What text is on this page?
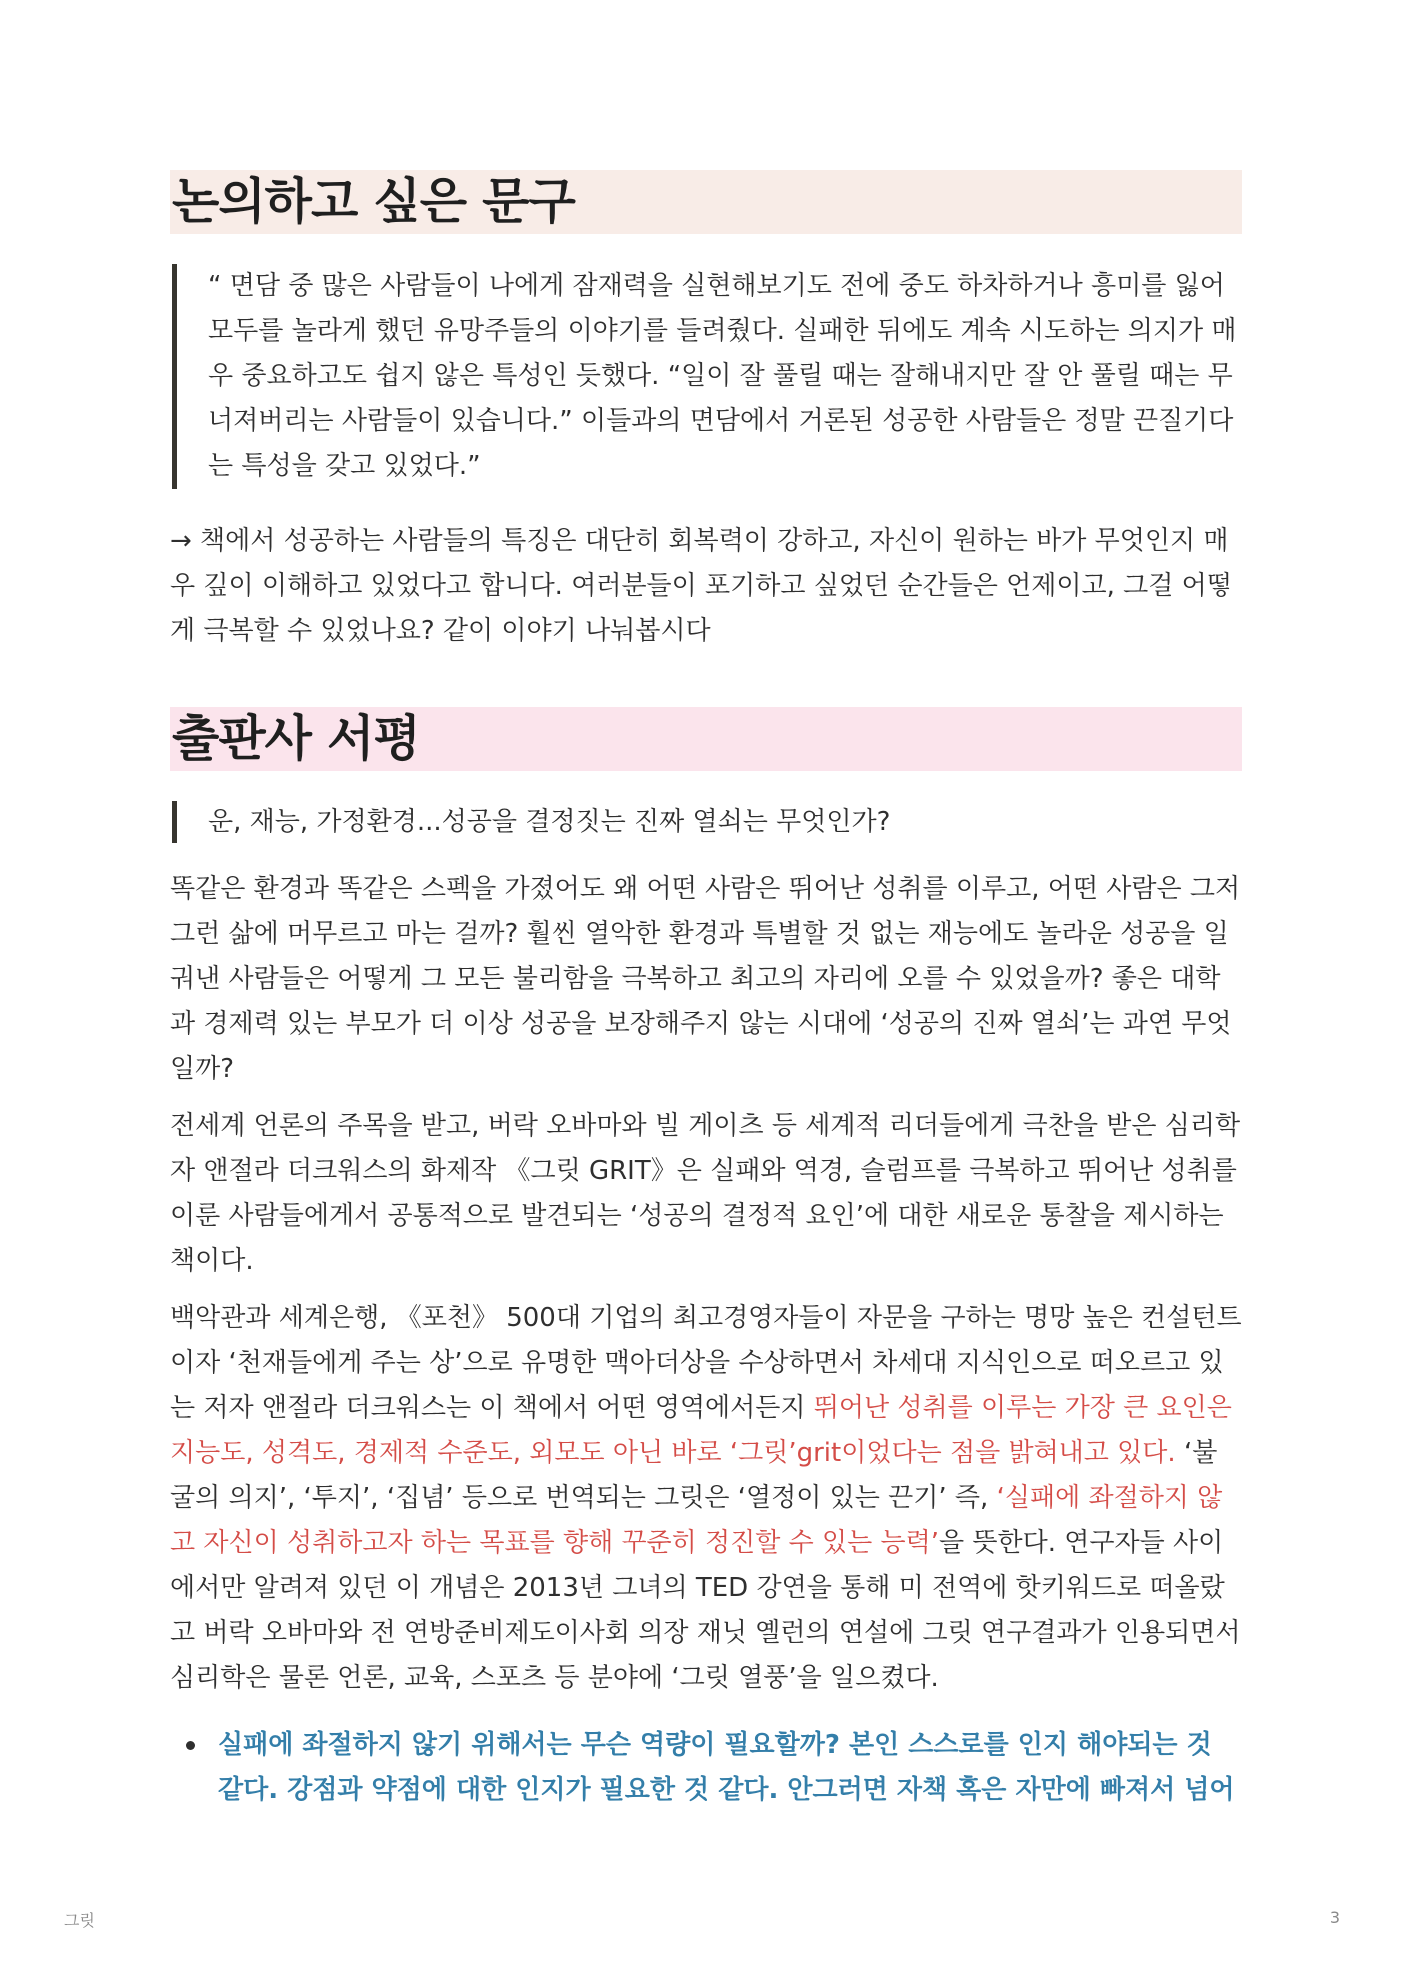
논의하고 싶은 문구
“ 면담 중 많은 사람들이 나에게 잠재력을 실현해보기도 전에 중도 하차하거나 흥미를 잃어 모두를 놀라게 했던 유망주들의 이야기를 들려줬다. 실패한 뒤에도 계속 시도하는 의지가 매우 중요하고도 쉽지 않은 특성인 듯했다. “일이 잘 풀릴 때는 잘해내지만 잘 안 풀릴 때는 무너져버리는 사람들이 있습니다.” 이들과의 면담에서 거론된 성공한 사람들은 정말 끈질기다는 특성을 갖고 있었다.”

→ 책에서 성공하는 사람들의 특징은 대단히 회복력이 강하고, 자신이 원하는 바가 무엇인지 매우 깊이 이해하고 있었다고 합니다. 여러분들이 포기하고 싶었던 순간들은 언제이고, 그걸 어떻게 극복할 수 있었나요? 같이 이야기 나눠봅시다

출판사 서평
운, 재능, 가정환경...성공을 결정짓는 진짜 열쇠는 무엇인가?

똑같은 환경과 똑같은 스펙을 가졌어도 왜 어떤 사람은 뛰어난 성취를 이루고, 어떤 사람은 그저 그런 삶에 머무르고 마는 걸까? 훨씬 열악한 환경과 특별할 것 없는 재능에도 놀라운 성공을 일궈낸 사람들은 어떻게 그 모든 불리함을 극복하고 최고의 자리에 오를 수 있었을까? 좋은 대학과 경제력 있는 부모가 더 이상 성공을 보장해주지 않는 시대에 ‘성공의 진짜 열쇠’는 과연 무엇일까?

전세계 언론의 주목을 받고, 버락 오바마와 빌 게이츠 등 세계적 리더들에게 극찬을 받은 심리학자 앤절라 더크워스의 화제작 《그릿 GRIT》은 실패와 역경, 슬럼프를 극복하고 뛰어난 성취를 이룬 사람들에게서 공통적으로 발견되는 ‘성공의 결정적 요인’에 대한 새로운 통찰을 제시하는 책이다.

백악관과 세계은행, 《포천》 500대 기업의 최고경영자들이 자문을 구하는 명망 높은 컨설턴트이자 ‘천재들에게 주는 상’으로 유명한 맥아더상을 수상하면서 차세대 지식인으로 떠오르고 있는 저자 앤절라 더크워스는 이 책에서 어떤 영역에서든지 뛰어난 성취를 이루는 가장 큰 요인은 지능도, 성격도, 경제적 수준도, 외모도 아닌 바로 ‘그릿’grit이었다는 점을 밝혀내고 있다. ‘불굴의 의지’, ‘투지’, ‘집념’ 등으로 번역되는 그릿은 ‘열정이 있는 끈기’ 즉, ‘실패에 좌절하지 않고 자신이 성취하고자 하는 목표를 향해 꾸준히 정진할 수 있는 능력’을 뜻한다. 연구자들 사이에서만 알려져 있던 이 개념은 2013년 그녀의 TED 강연을 통해 미 전역에 핫키워드로 떠올랐고 버락 오바마와 전 연방준비제도이사회 의장 재닛 옐런의 연설에 그릿 연구결과가 인용되면서 심리학은 물론 언론, 교육, 스포츠 등 분야에 ‘그릿 열풍’을 일으켰다.

실패에 좌절하지 않기 위해서는 무슨 역량이 필요할까? 본인 스스로를 인지 해야되는 것 같다. 강점과 약점에 대한 인지가 필요한 것 같다. 안그러면 자책 혹은 자만에 빠져서 넘어
그릿	3
